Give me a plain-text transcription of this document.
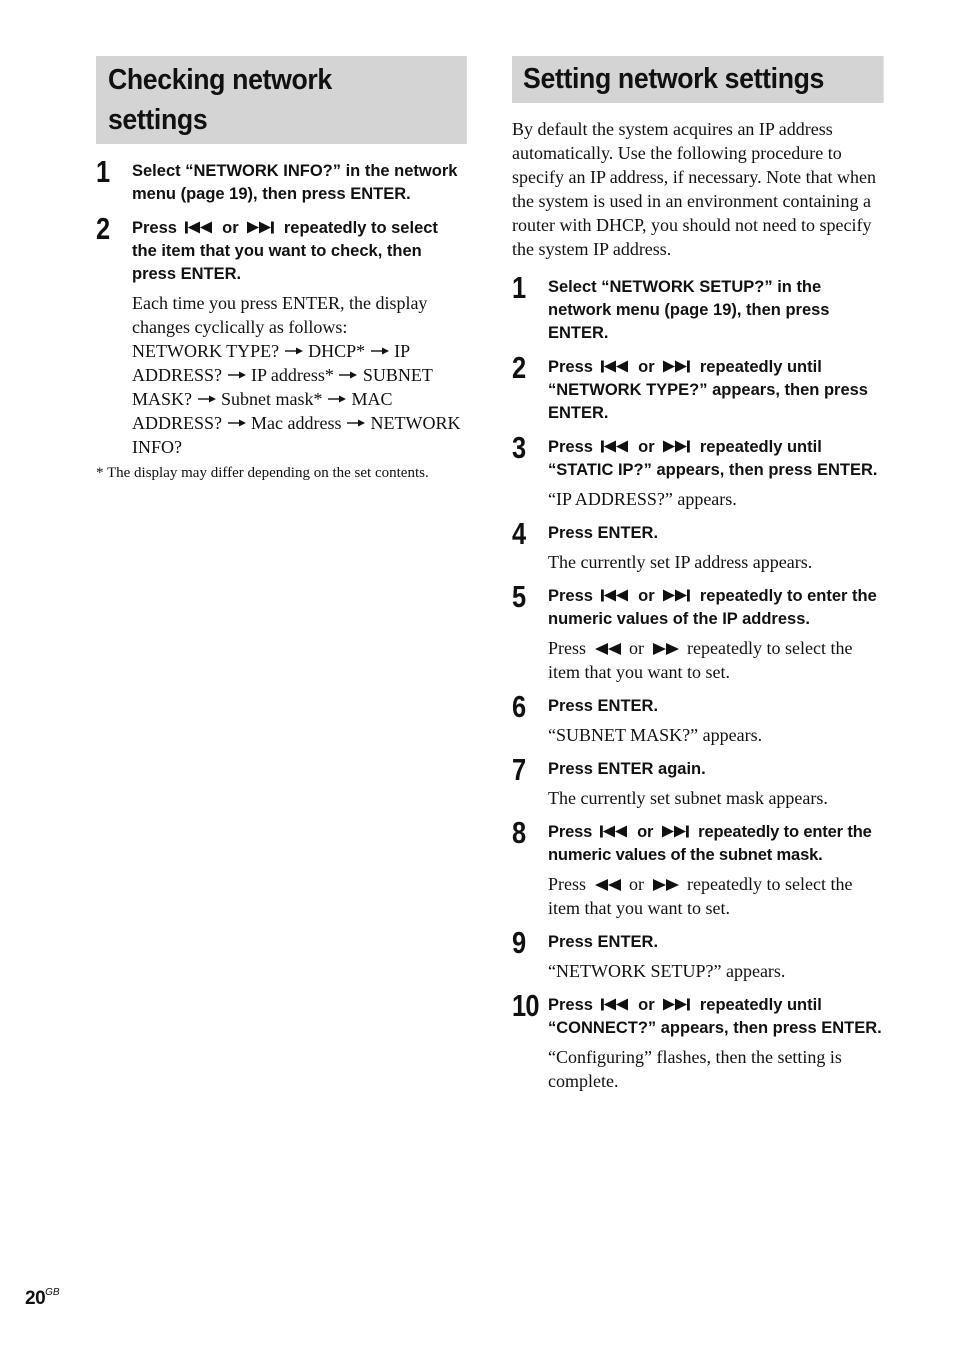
Checking network
settings
1 Select “NETWORK INFO?” in the network menu (page 19), then press ENTER.
2 Press	or	repeatedly to select the item that you want to check, then press ENTER.
Each time you press ENTER, the display changes cyclically as follows:
NETWORK TYPE? DHCP* IP ADDRESS? IP address* SUBNET MASK? Subnet mask* MAC ADDRESS? Mac address NETWORK INFO?
* The display may differ depending on the set contents.
Setting network settings
By default the system acquires an IP address automatically. Use the following procedure to specify an IP address, if necessary. Note that when the system is used in an environment containing a router with DHCP, you should not need to specify the system IP address.
1 Select “NETWORK SETUP?” in the network menu (page 19), then press ENTER.
2 Press	or	repeatedly until “NETWORK TYPE?” appears, then press ENTER.
3 Press	or	repeatedly until “STATIC IP?” appears, then press ENTER.
“IP ADDRESS?” appears.
4 Press ENTER.
The currently set IP address appears.
5 Press	or	repeatedly to enter the numeric values of the IP address.
Press or repeatedly to select the item that you want to set.
6 Press ENTER.
“SUBNET MASK?” appears.
7 Press ENTER again.
The currently set subnet mask appears.
8 Press	or	repeatedly to enter the numeric values of the subnet mask.
Press or repeatedly to select the item that you want to set.
9 Press ENTER.
“NETWORK SETUP?” appears.
10 Press	or	repeatedly until “CONNECT?” appears, then press ENTER.
“Configuring” flashes, then the setting is complete.
$20^{GB}$
